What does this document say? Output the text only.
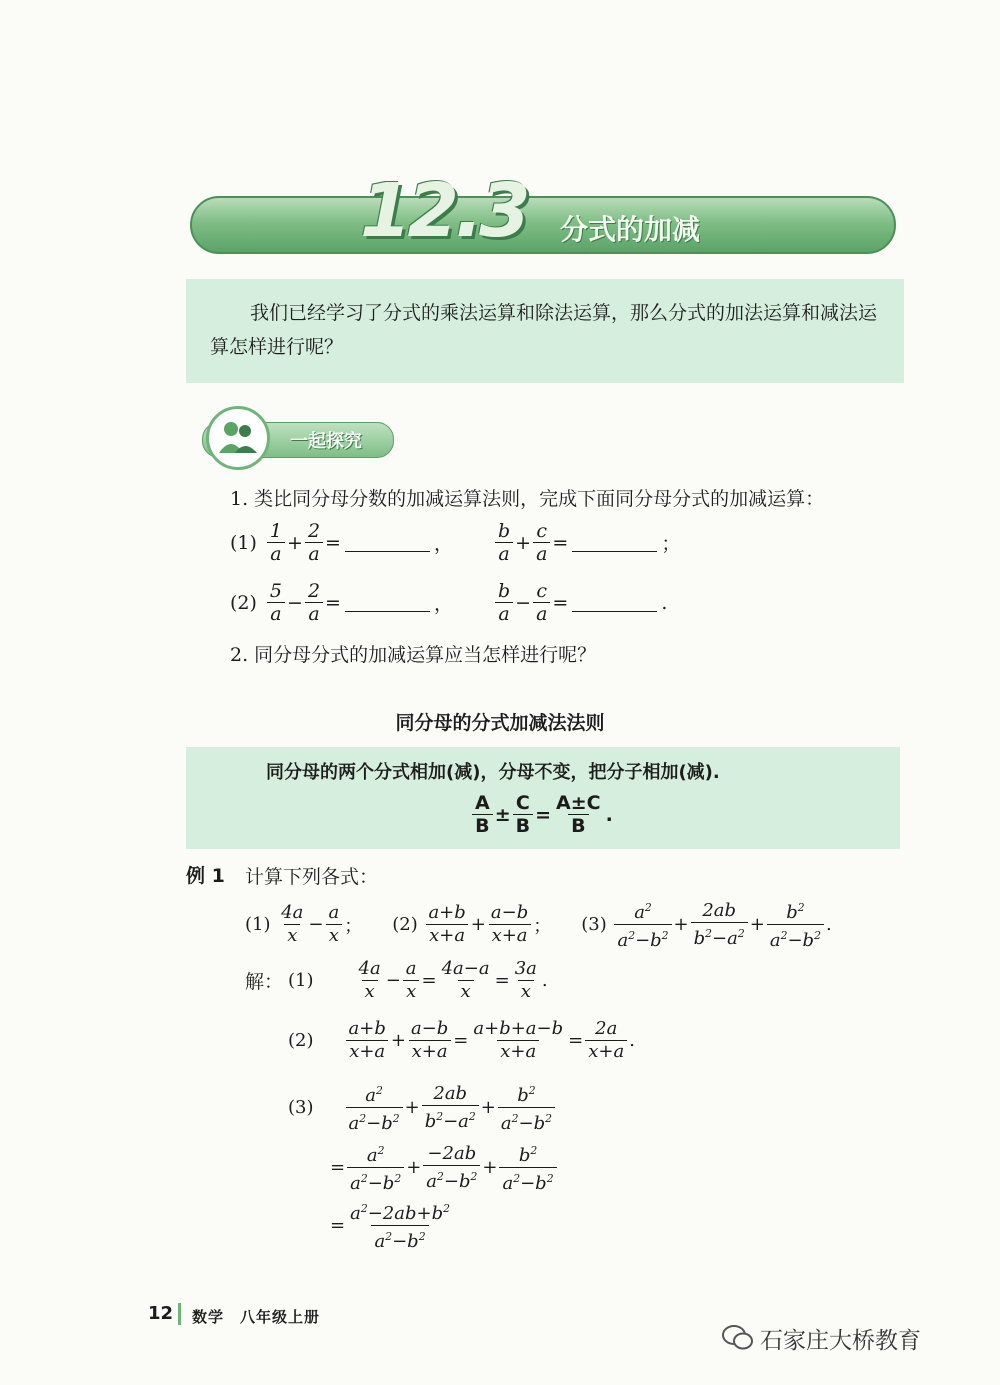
12.3 分式的加减
我们已经学习了分式的乘法运算和除法运算，那么分式的加法运算和减法运算怎样进行呢？
一起探究
1. 类比同分母分数的加减运算法则，完成下面同分母分式的加减运算：
$(1) \frac{1}{a} + \frac{2}{a}$ =	， $\frac{b}{a} + \frac{c}{a}$ =	；
$(2) \frac{5}{a} - \frac{2}{a}$ =	， $\frac{b}{a} - \frac{c}{a}$ =	.
2. 同分母分式的加减运算应当怎样进行呢？
同分母的分式加减法法则
同分母的两个分式相加(减)，分母不变，把分子相加(减).
$\frac{A}{B} \pm \frac{C}{B} = \frac{A\pm C}{B}$ .
例 1 计算下列各式：
$(1) \frac{4a}{x} - \frac{a}{x}$ ；
$(2) \frac{a+b}{x+a} + \frac{a-b}{x+a}$ ；
$(3) \frac{a^2}{a^2-b^2} + \frac{2ab}{b^2-a^2} + \frac{b^2}{a^2-b^2}$ .
解： $(1) \frac{4a}{x} - \frac{a}{x} = \frac{4a-a}{x} = \frac{3a}{x}$ .
$(2) \frac{a+b}{x+a} + \frac{a-b}{x+a} = \frac{a+b+a-b}{x+a} = \frac{2a}{x+a}$ .
$(3) \frac{a^2}{a^2-b^2} + \frac{2ab}{b^2-a^2} + \frac{b^2}{a^2-b^2}$
= $\frac{a^2}{a^2-b^2} + \frac{-2ab}{a^2-b^2} + \frac{b^2}{a^2-b^2}$
= $\frac{a^2-2ab+b^2}{a^2-b^2}$
12 数学　八年级上册
石家庄大桥教育
